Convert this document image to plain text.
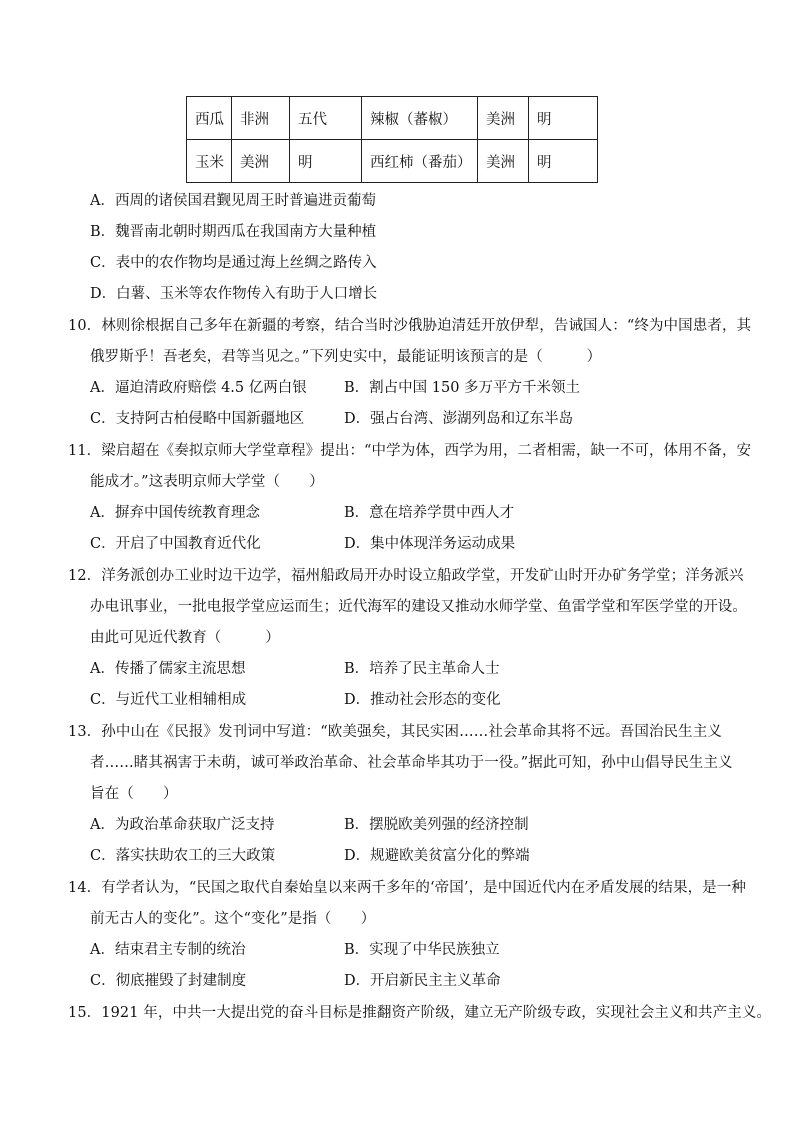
西瓜	非洲	五代	辣椒（蕃椒）	美洲	明
玉米	美洲	明	西红柿（番茄）	美洲	明
A．西周的诸侯国君觐见周王时普遍进贡葡萄
B．魏晋南北朝时期西瓜在我国南方大量种植
C．表中的农作物均是通过海上丝绸之路传入
D．白薯、玉米等农作物传入有助于人口增长
10．林则徐根据自己多年在新疆的考察，结合当时沙俄胁迫清廷开放伊犁，告诫国人：“终为中国患者，其
俄罗斯乎！吾老矣，君等当见之。”下列史实中，最能证明该预言的是（　　　）
A．逼迫清政府赔偿 4.5 亿两白银	B．割占中国 150 多万平方千米领土
C．支持阿古柏侵略中国新疆地区	D．强占台湾、澎湖列岛和辽东半岛
11．梁启超在《奏拟京师大学堂章程》提出：“中学为体，西学为用，二者相需，缺一不可，体用不备，安
能成才。”这表明京师大学堂（　　）
A．摒弃中国传统教育理念	B．意在培养学贯中西人才
C．开启了中国教育近代化	D．集中体现洋务运动成果
12．洋务派创办工业时边干边学，福州船政局开办时设立船政学堂，开发矿山时开办矿务学堂；洋务派兴
办电讯事业，一批电报学堂应运而生；近代海军的建设又推动水师学堂、鱼雷学堂和军医学堂的开设。
由此可见近代教育（　　　）
A．传播了儒家主流思想	B．培养了民主革命人士
C．与近代工业相辅相成	D．推动社会形态的变化
13．孙中山在《民报》发刊词中写道：“欧美强矣，其民实困……社会革命其将不远。吾国治民生主义
者……睹其祸害于未萌，诚可举政治革命、社会革命毕其功于一役。”据此可知，孙中山倡导民生主义
旨在（　　）
A．为政治革命获取广泛支持	B．摆脱欧美列强的经济控制
C．落实扶助农工的三大政策	D．规避欧美贫富分化的弊端
14．有学者认为，“民国之取代自秦始皇以来两千多年的‘帝国’，是中国近代内在矛盾发展的结果，是一种
前无古人的变化”。这个“变化”是指（　　）
A．结束君主专制的统治	B．实现了中华民族独立
C．彻底摧毁了封建制度	D．开启新民主主义革命
15．1921 年，中共一大提出党的奋斗目标是推翻资产阶级，建立无产阶级专政，实现社会主义和共产主义。
